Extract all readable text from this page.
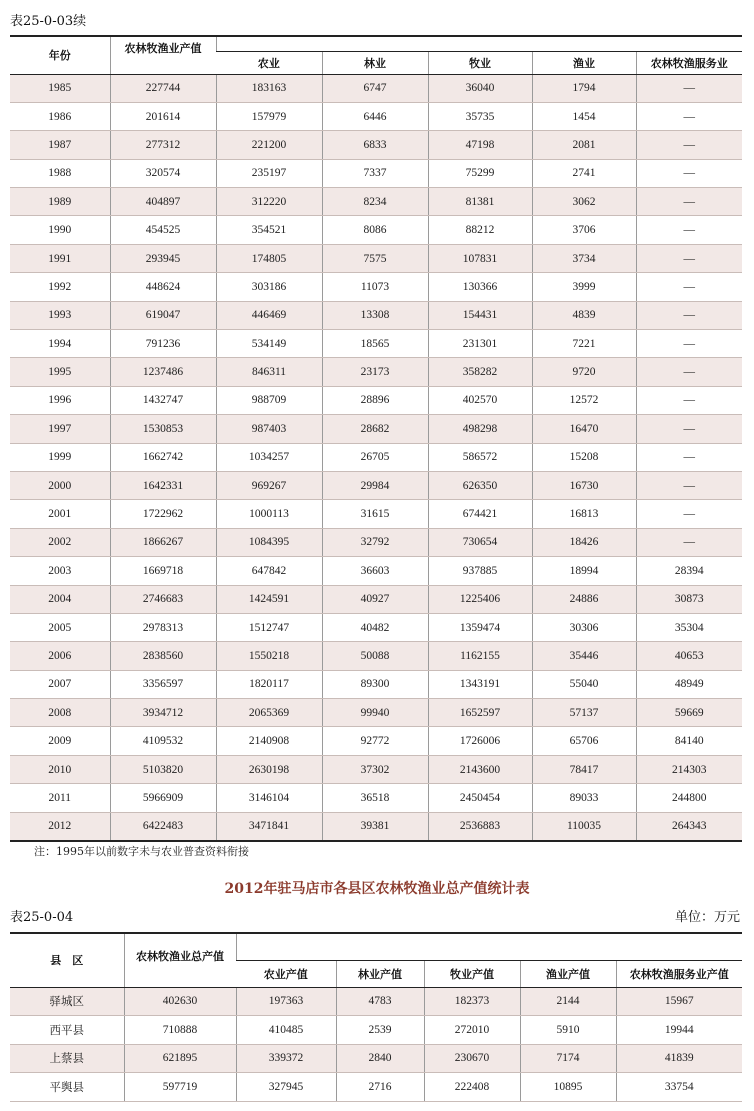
表25-0-03续
年份	农林牧渔业产值					
		农业	林业	牧业	渔业	农林牧渔服务业
1985	227744	183163	6747	36040	1794	—
1986	201614	157979	6446	35735	1454	—
1987	277312	221200	6833	47198	2081	—
1988	320574	235197	7337	75299	2741	—
1989	404897	312220	8234	81381	3062	—
1990	454525	354521	8086	88212	3706	—
1991	293945	174805	7575	107831	3734	—
1992	448624	303186	11073	130366	3999	—
1993	619047	446469	13308	154431	4839	—
1994	791236	534149	18565	231301	7221	—
1995	1237486	846311	23173	358282	9720	—
1996	1432747	988709	28896	402570	12572	—
1997	1530853	987403	28682	498298	16470	—
1999	1662742	1034257	26705	586572	15208	—
2000	1642331	969267	29984	626350	16730	—
2001	1722962	1000113	31615	674421	16813	—
2002	1866267	1084395	32792	730654	18426	—
2003	1669718	647842	36603	937885	18994	28394
2004	2746683	1424591	40927	1225406	24886	30873
2005	2978313	1512747	40482	1359474	30306	35304
2006	2838560	1550218	50088	1162155	35446	40653
2007	3356597	1820117	89300	1343191	55040	48949
2008	3934712	2065369	99940	1652597	57137	59669
2009	4109532	2140908	92772	1726006	65706	84140
2010	5103820	2630198	37302	2143600	78417	214303
2011	5966909	3146104	36518	2450454	89033	244800
2012	6422483	3471841	39381	2536883	110035	264343
注：1995年以前数字未与农业普查资料衔接
2012年驻马店市各县区农林牧渔业总产值统计表
表25-0-04	单位：万元
县　区	农林牧渔业总产值					
		农业产值	林业产值	牧业产值	渔业产值	农林牧渔服务业产值
驿城区	402630	197363	4783	182373	2144	15967
西平县	710888	410485	2539	272010	5910	19944
上蔡县	621895	339372	2840	230670	7174	41839
平舆县	597719	327945	2716	222408	10895	33754
